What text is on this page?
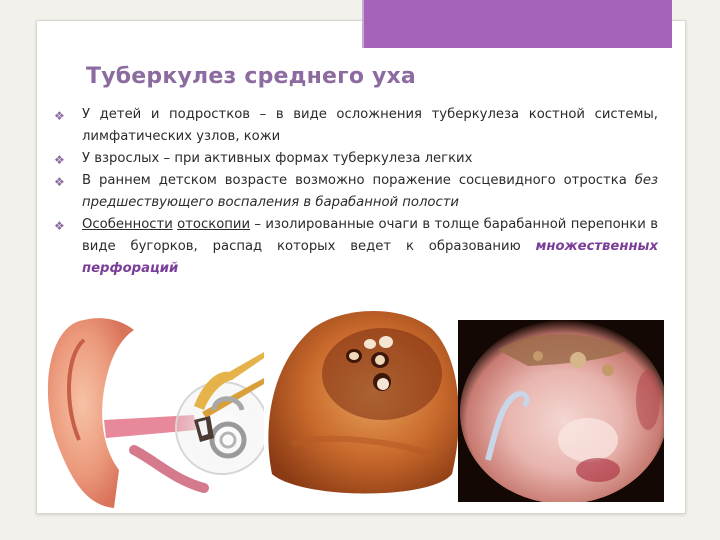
Туберкулез среднего уха
❖ У детей и подростков – в виде осложнения туберкулеза костной системы, лимфатических узлов, кожи
❖ У взрослых – при активных формах туберкулеза легких
❖ В раннем детском возрасте возможно поражение сосцевидного отростка без предшествующего воспаления в барабанной полости
❖ Особенности отоскопии – изолированные очаги в толще барабанной перепонки в виде бугорков, распад которых ведет к образованию множественных перфораций
